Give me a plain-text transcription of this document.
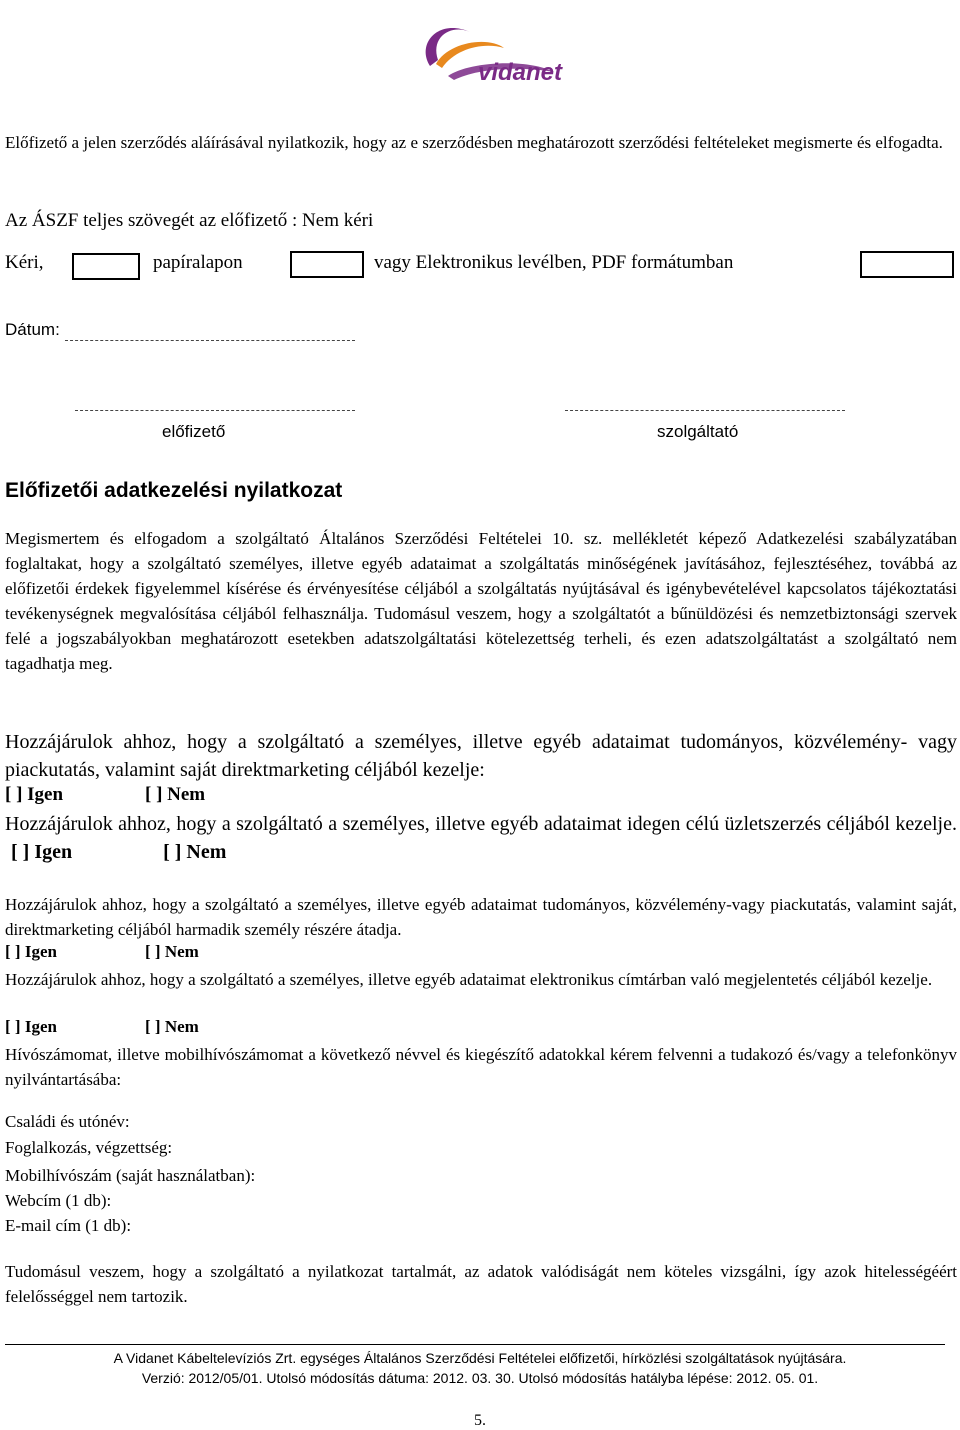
vidanet
Előfizető a jelen szerződés aláírásával nyilatkozik, hogy az e szerződésben meghatározott szerződési feltételeket megismerte és elfogadta.
Az ÁSZF teljes szövegét az előfizető : Nem kéri
Kéri,	papíralapon	vagy Elektronikus levélben, PDF formátumban
Dátum:
előfizető	szolgáltató
Előfizetői adatkezelési nyilatkozat
Megismertem és elfogadom a szolgáltató Általános Szerződési Feltételei 10. sz. mellékletét képező Adatkezelési szabályzatában foglaltakat, hogy a szolgáltató személyes, illetve egyéb adataimat a szolgáltatás minőségének javításához, fejlesztéséhez, továbbá az előfizetői érdekek figyelemmel kísérése és érvényesítése céljából a szolgáltatás nyújtásával és igénybevételével kapcsolatos tájékoztatási tevékenységnek megvalósítása céljából felhasználja. Tudomásul veszem, hogy a szolgáltatót a bűnüldözési és nemzetbiztonsági szervek felé a jogszabályokban meghatározott esetekben adatszolgáltatási kötelezettség terheli, és ezen adatszolgáltatást a szolgáltató nem tagadhatja meg.
Hozzájárulok ahhoz, hogy a szolgáltató a személyes, illetve egyéb adataimat tudományos, közvélemény- vagy piackutatás, valamint saját direktmarketing céljából kezelje:
[ ] Igen	[ ] Nem
Hozzájárulok ahhoz, hogy a szolgáltató a személyes, illetve egyéb adataimat idegen célú üzletszerzés céljából kezelje. [ ] Igen	[ ] Nem
Hozzájárulok ahhoz, hogy a szolgáltató a személyes, illetve egyéb adataimat tudományos, közvélemény-vagy piackutatás, valamint saját, direktmarketing céljából harmadik személy részére átadja.
[ ] Igen	[ ] Nem
Hozzájárulok ahhoz, hogy a szolgáltató a személyes, illetve egyéb adataimat elektronikus címtárban való megjelentetés céljából kezelje.
[ ] Igen	[ ] Nem
Hívószámomat, illetve mobilhívószámomat a következő névvel és kiegészítő adatokkal kérem felvenni a tudakozó és/vagy a telefonkönyv nyilvántartásába:
Családi és utónév:
Foglalkozás, végzettség:
Mobilhívószám (saját használatban):
Webcím (1 db):
E-mail cím (1 db):
Tudomásul veszem, hogy a szolgáltató a nyilatkozat tartalmát, az adatok valódiságát nem köteles vizsgálni, így azok hitelességéért felelősséggel nem tartozik.
A Vidanet Kábeltelevíziós Zrt. egységes Általános Szerződési Feltételei előfizetői, hírközlési szolgáltatások nyújtására.
Verzió: 2012/05/01. Utolsó módosítás dátuma: 2012. 03. 30. Utolsó módosítás hatályba lépése: 2012. 05. 01.
5.
